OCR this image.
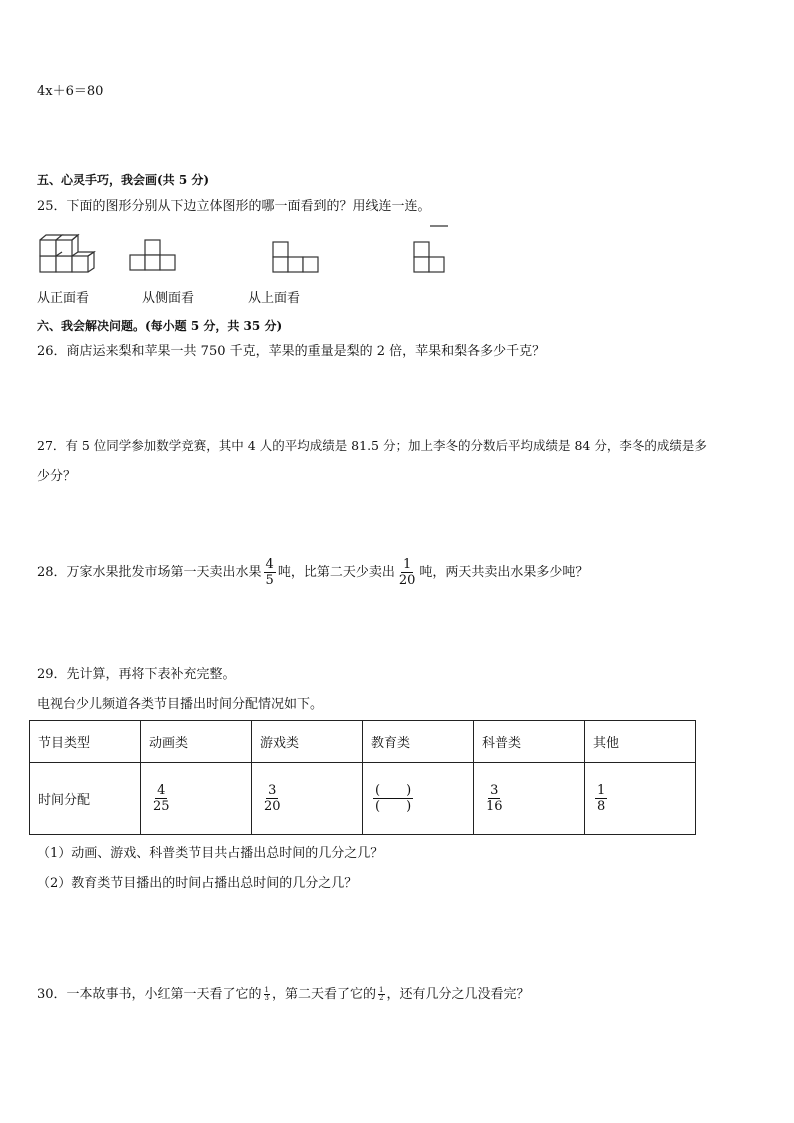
4x＋6＝80
五、心灵手巧，我会画(共 5 分)
25．下面的图形分别从下边立体图形的哪一面看到的？用线连一连。
从正面看	从侧面看	从上面看
六、我会解决问题。(每小题 5 分，共 35 分)
26．商店运来梨和苹果一共 750 千克，苹果的重量是梨的 2 倍，苹果和梨各多少千克？
27．有 5 位同学参加数学竞赛，其中 4 人的平均成绩是 81.5 分；加上李冬的分数后平均成绩是 84 分，李冬的成绩是多
少分？
28．万家水果批发市场第一天卖出水果 $\frac{4}{5}$ 吨，比第二天少卖出 $\frac{1}{20}$ 吨，两天共卖出水果多少吨？
29．先计算，再将下表补充完整。
电视台少儿频道各类节目播出时间分配情况如下。
节目类型	动画类	游戏类	教育类	科普类	其他
时间分配	$\frac{4}{25}$	$\frac{3}{20}$	$\frac{( )}{( )}$	$\frac{3}{16}$	$\frac{1}{8}$
（1）动画、游戏、科普类节目共占播出总时间的几分之几？
（2）教育类节目播出的时间占播出总时间的几分之几？
30．一本故事书，小红第一天看了它的 $\frac{1}{3}$ ，第二天看了它的 $\frac{1}{2}$ ，还有几分之几没看完？
